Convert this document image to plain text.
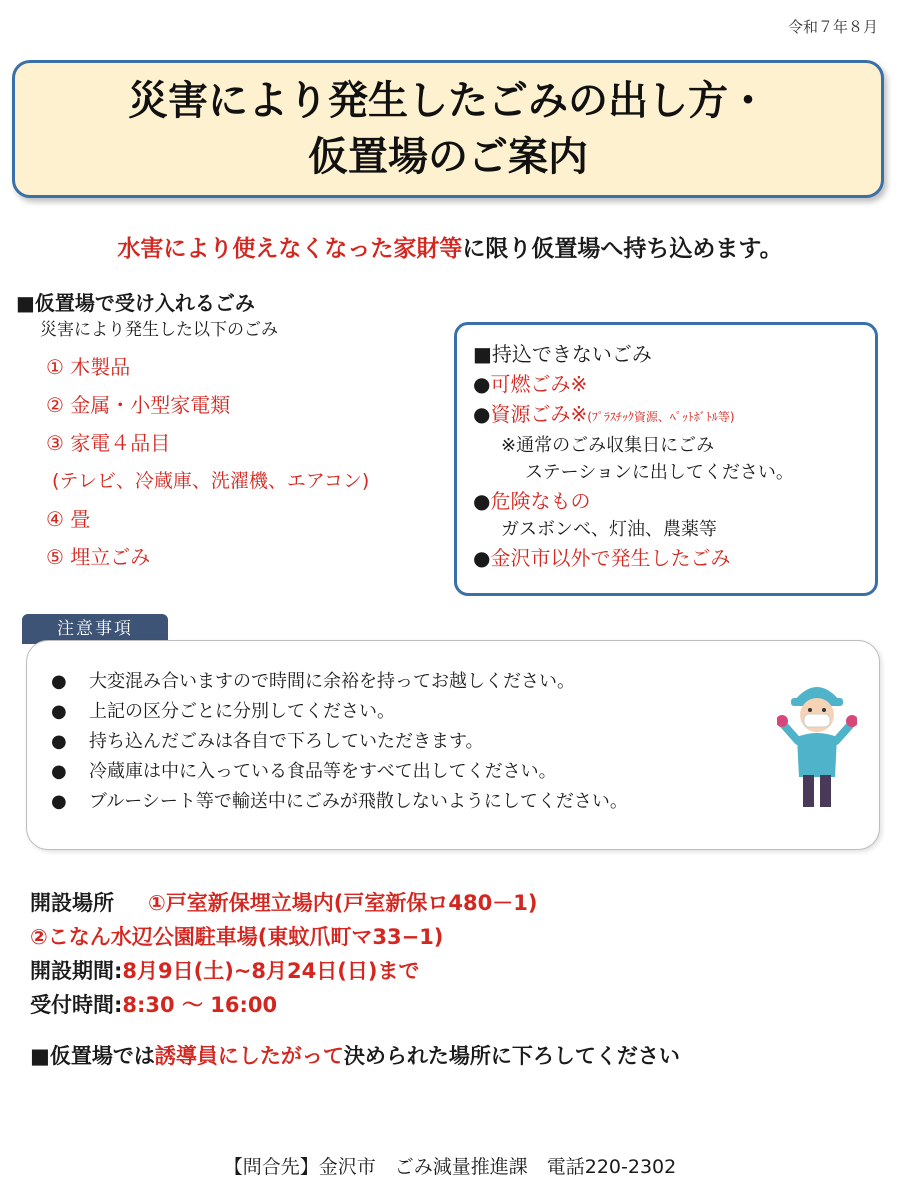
令和７年８月
災害により発生したごみの出し方・
仮置場のご案内
水害により使えなくなった家財等に限り仮置場へ持ち込めます。
■仮置場で受け入れるごみ
災害により発生した以下のごみ
① 木製品
② 金属・小型家電類
③ 家電４品目
(テレビ、冷蔵庫、洗濯機、エアコン)
④ 畳
⑤ 埋立ごみ
■持込できないごみ
●可燃ごみ※
●資源ごみ※(ﾌﾟﾗｽﾁｯｸ資源、ﾍﾟｯﾄﾎﾞﾄﾙ等)
※通常のごみ収集日にごみ
ステーションに出してください。
●危険なもの
ガスボンベ、灯油、農薬等
●金沢市以外で発生したごみ
注意事項
● 大変混み合いますので時間に余裕を持ってお越しください。
● 上記の区分ごとに分別してください。
● 持ち込んだごみは各自で下ろしていただきます。
● 冷蔵庫は中に入っている食品等をすべて出してください。
● ブルーシート等で輸送中にごみが飛散しないようにしてください。
開設場所 ①戸室新保埋立場内(戸室新保ロ480－1)
②こなん水辺公園駐車場(東蚊爪町マ33−1)
開設期間:8月9日(土)~8月24日(日)まで
受付時間:8:30 ～ 16:00
■仮置場では誘導員にしたがって決められた場所に下ろしてください
【問合先】金沢市　ごみ減量推進課　電話220-2302
